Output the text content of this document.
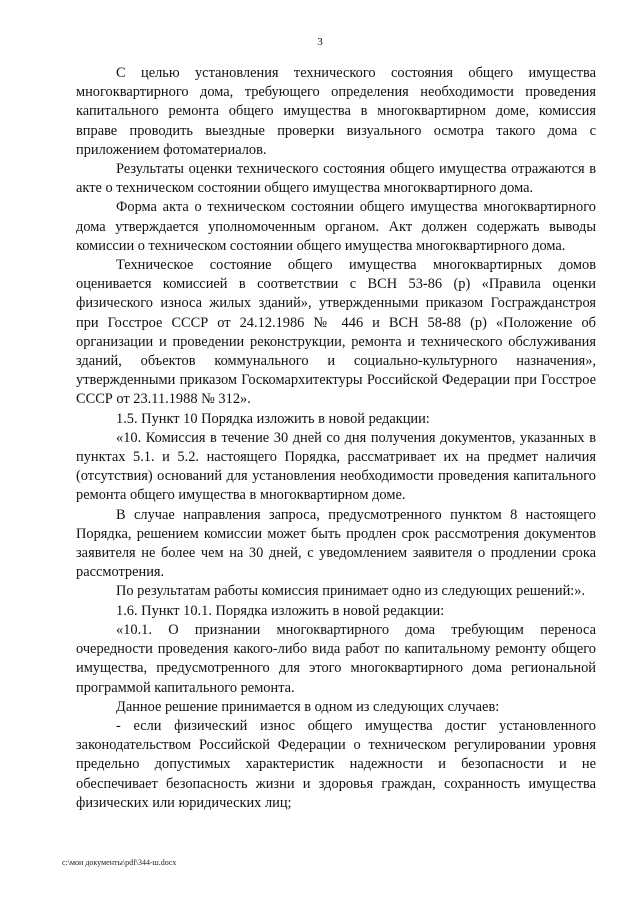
3

С целью установления технического состояния общего имущества многоквартирного дома, требующего определения необходимости проведения капитального ремонта общего имущества в многоквартирном доме, комиссия вправе проводить выездные проверки визуального осмотра такого дома с приложением фотоматериалов.

Результаты оценки технического состояния общего имущества отражаются в акте о техническом состоянии общего имущества многоквартирного дома.

Форма акта о техническом состоянии общего имущества многоквартирного дома утверждается уполномоченным органом. Акт должен содержать выводы комиссии о техническом состоянии общего имущества многоквартирного дома.

Техническое состояние общего имущества многоквартирных домов оценивается комиссией в соответствии с ВСН 53-86 (р) «Правила оценки физического износа жилых зданий», утвержденными приказом Госгражданстроя при Госстрое СССР от 24.12.1986 № 446 и ВСН 58-88 (р) «Положение об организации и проведении реконструкции, ремонта и технического обслуживания зданий, объектов коммунального и социально-культурного назначения», утвержденными приказом Госкомархитектуры Российской Федерации при Госстрое СССР от 23.11.1988 № 312».

1.5. Пункт 10 Порядка изложить в новой редакции:

«10. Комиссия в течение 30 дней со дня получения документов, указанных в пунктах 5.1. и 5.2. настоящего Порядка, рассматривает их на предмет наличия (отсутствия) оснований для установления необходимости проведения капитального ремонта общего имущества в многоквартирном доме.

В случае направления запроса, предусмотренного пунктом 8 настоящего Порядка, решением комиссии может быть продлен срок рассмотрения документов заявителя не более чем на 30 дней, с уведомлением заявителя о продлении срока рассмотрения.

По результатам работы комиссия принимает одно из следующих решений:».

1.6. Пункт 10.1. Порядка изложить в новой редакции:

«10.1. О признании многоквартирного дома требующим переноса очередности проведения какого-либо вида работ по капитальному ремонту общего имущества, предусмотренного для этого многоквартирного дома региональной программой капитального ремонта.

Данное решение принимается в одном из следующих случаев:

- если физический износ общего имущества достиг установленного законодательством Российской Федерации о техническом регулировании уровня предельно допустимых характеристик надежности и безопасности и не обеспечивает безопасность жизни и здоровья граждан, сохранность имущества физических или юридических лиц;

c:\мои документы\pdf\344-ш.docx
